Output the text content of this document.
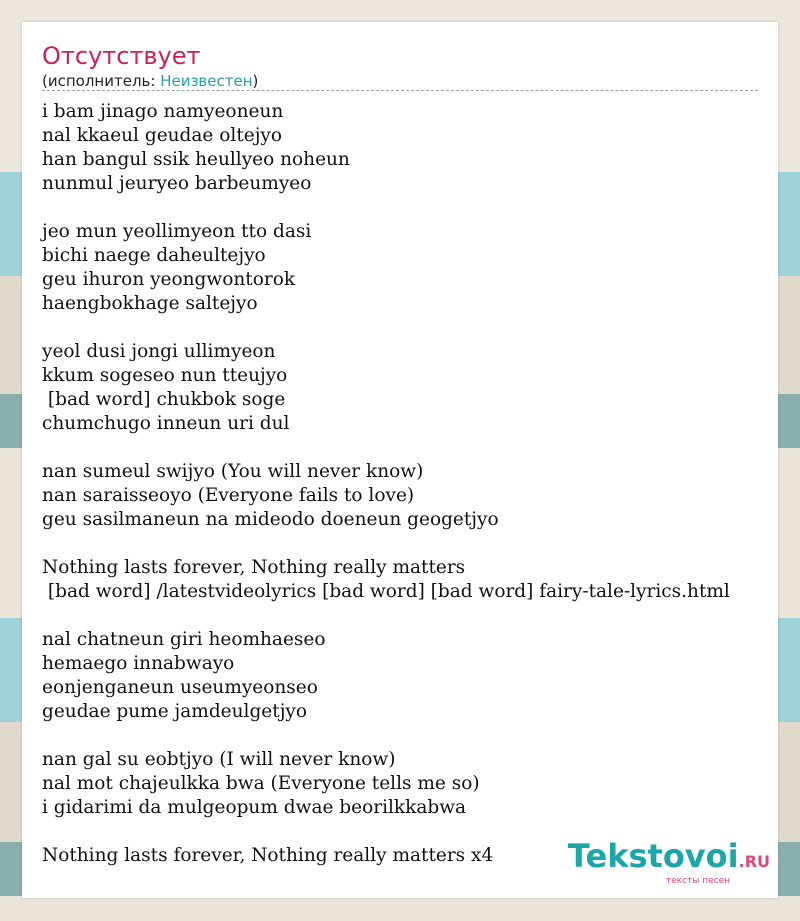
Отсутствует
(исполнитель: Неизвестен)
i bam jinago namyeoneun
nal kkaeul geudae oltejyo
han bangul ssik heullyeo noheun
nunmul jeuryeo barbeumyeo
jeo mun yeollimyeon tto dasi
bichi naege daheultejyo
geu ihuron yeongwontorok
haengbokhage saltejyo
yeol dusi jongi ullimyeon
kkum sogeseo nun tteujyo
[bad word] chukbok soge
chumchugo inneun uri dul
nan sumeul swijyo (You will never know)
nan saraisseoyo (Everyone fails to love)
geu sasilmaneun na mideodo doeneun geogetjyo
Nothing lasts forever, Nothing really matters
[bad word] /latestvideolyrics [bad word] [bad word] fairy-tale-lyrics.html
nal chatneun giri heomhaeseo
hemaego innabwayo
eonjenganeun useumyeonseo
geudae pume jamdeulgetjyo
nan gal su eobtjyo (I will never know)
nal mot chajeulkka bwa (Everyone tells me so)
i gidarimi da mulgeopum dwae beorilkkabwa
Nothing lasts forever, Nothing really matters x4	Tekstovoi.RU
тексты песен
